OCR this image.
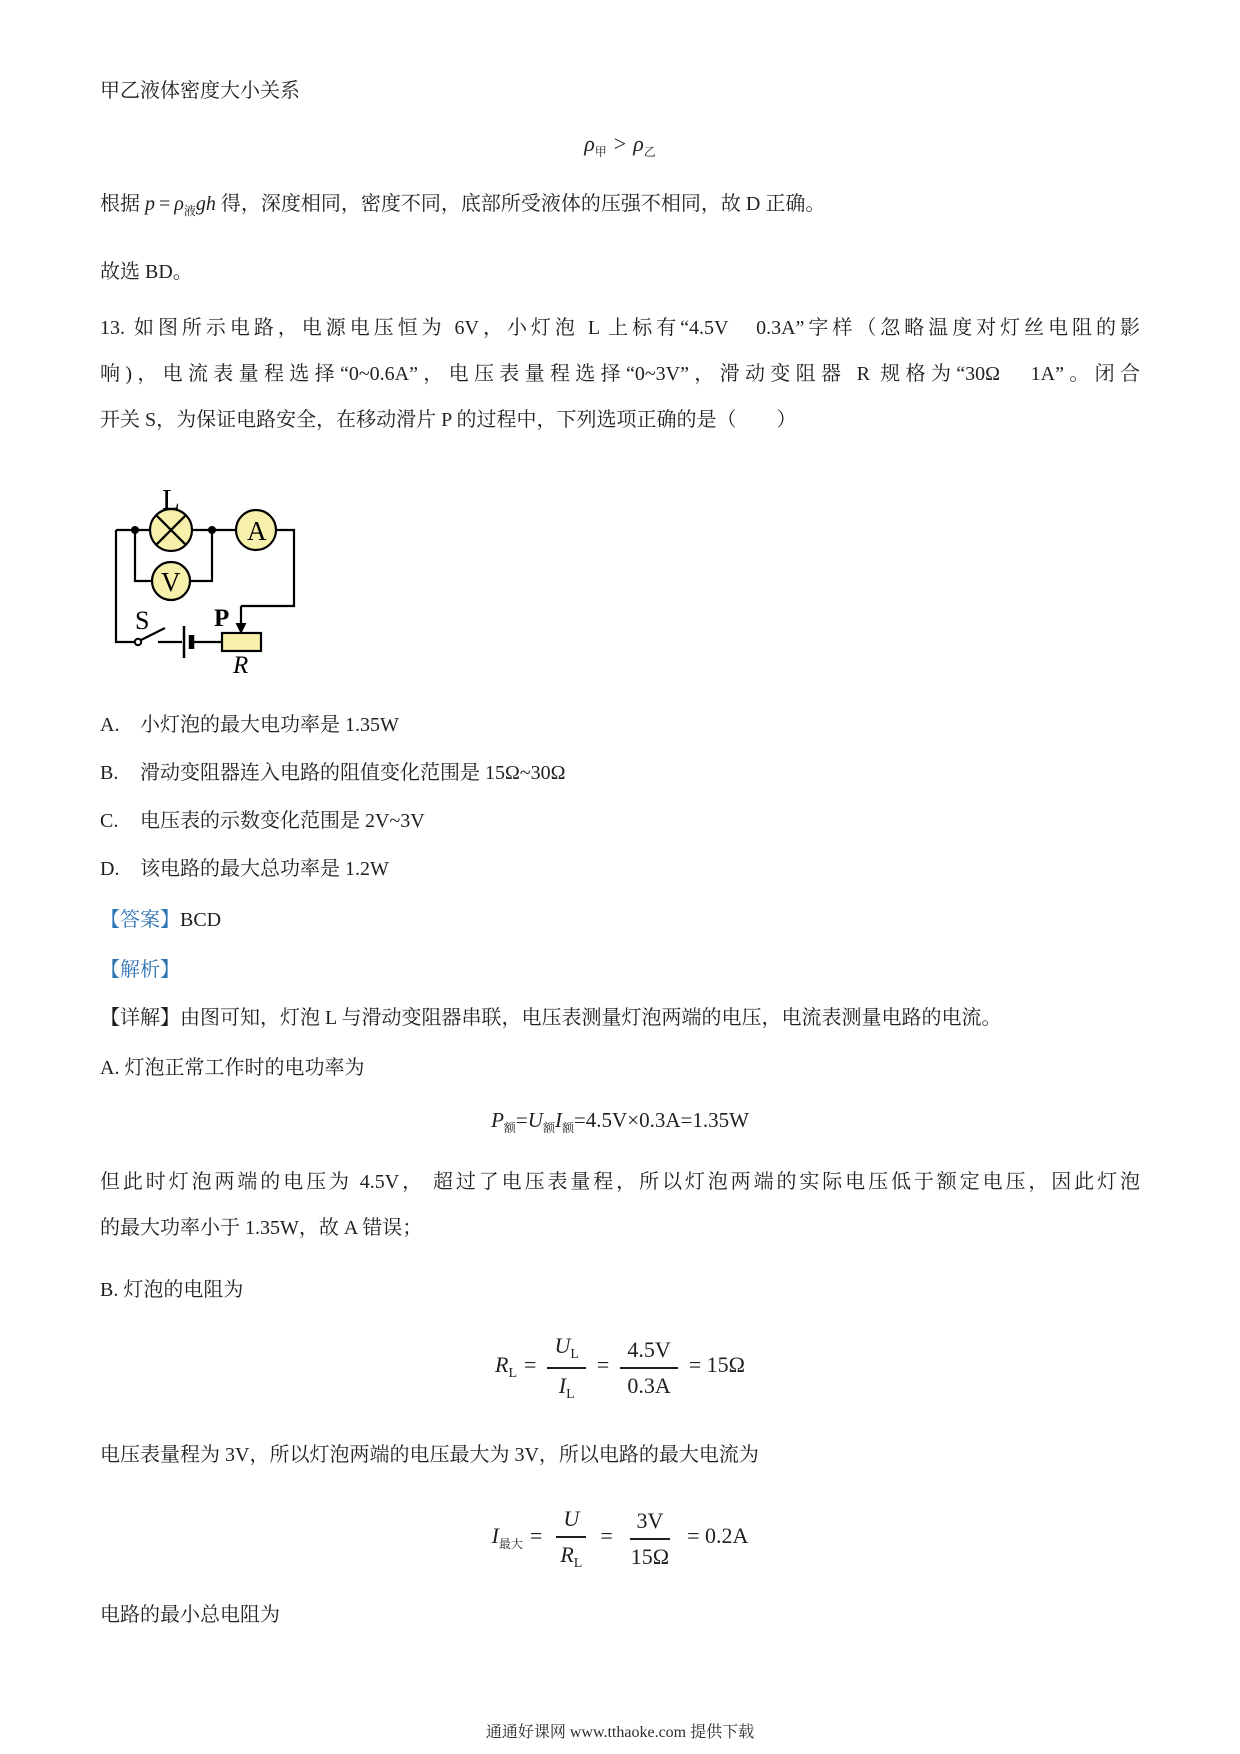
甲乙液体密度大小关系

$\rho_甲 > \rho_乙$

根据 $p = \rho_液gh$ 得，深度相同，密度不同，底部所受液体的压强不相同，故 D 正确。

故选 BD。

13. 如图所示电路，电源电压恒为 6V，小灯泡 L 上标有“4.5V　0.3A”字样（忽略温度对灯丝电阻的影
响)，电流表量程选择“0~0.6A”，电压表量程选择“0~3V”，滑动变阻器 R 规格为“30Ω　1A”。闭合
开关 S，为保证电路安全，在移动滑片 P 的过程中，下列选项正确的是（　　）
L
A
V
S	P
R
A. 小灯泡的最大电功率是 1.35W
B. 滑动变阻器连入电路的阻值变化范围是 15Ω~30Ω
C. 电压表的示数变化范围是 2V~3V
D. 该电路的最大总功率是 1.2W

【答案】BCD

【解析】

【详解】由图可知，灯泡 L 与滑动变阻器串联，电压表测量灯泡两端的电压，电流表测量电路的电流。

A. 灯泡正常工作时的电功率为

$P_额=U_额I_额=4.5V\times 0.3A=1.35W$
但此时灯泡两端的电压为 4.5V， 超过了电压表量程，所以灯泡两端的实际电压低于额定电压，因此灯泡
的最大功率小于 1.35W，故 A 错误；

B. 灯泡的电阻为

$R_L = \frac{U_L}{I_L} = \frac{4.5V}{0.3A} = 15\Omega$

电压表量程为 3V，所以灯泡两端的电压最大为 3V，所以电路的最大电流为

$I_{最大} = \frac{U}{R_L} = \frac{3V}{15\Omega} = 0.2A$

电路的最小总电阻为

通通好课网 www.tthaoke.com 提供下载
